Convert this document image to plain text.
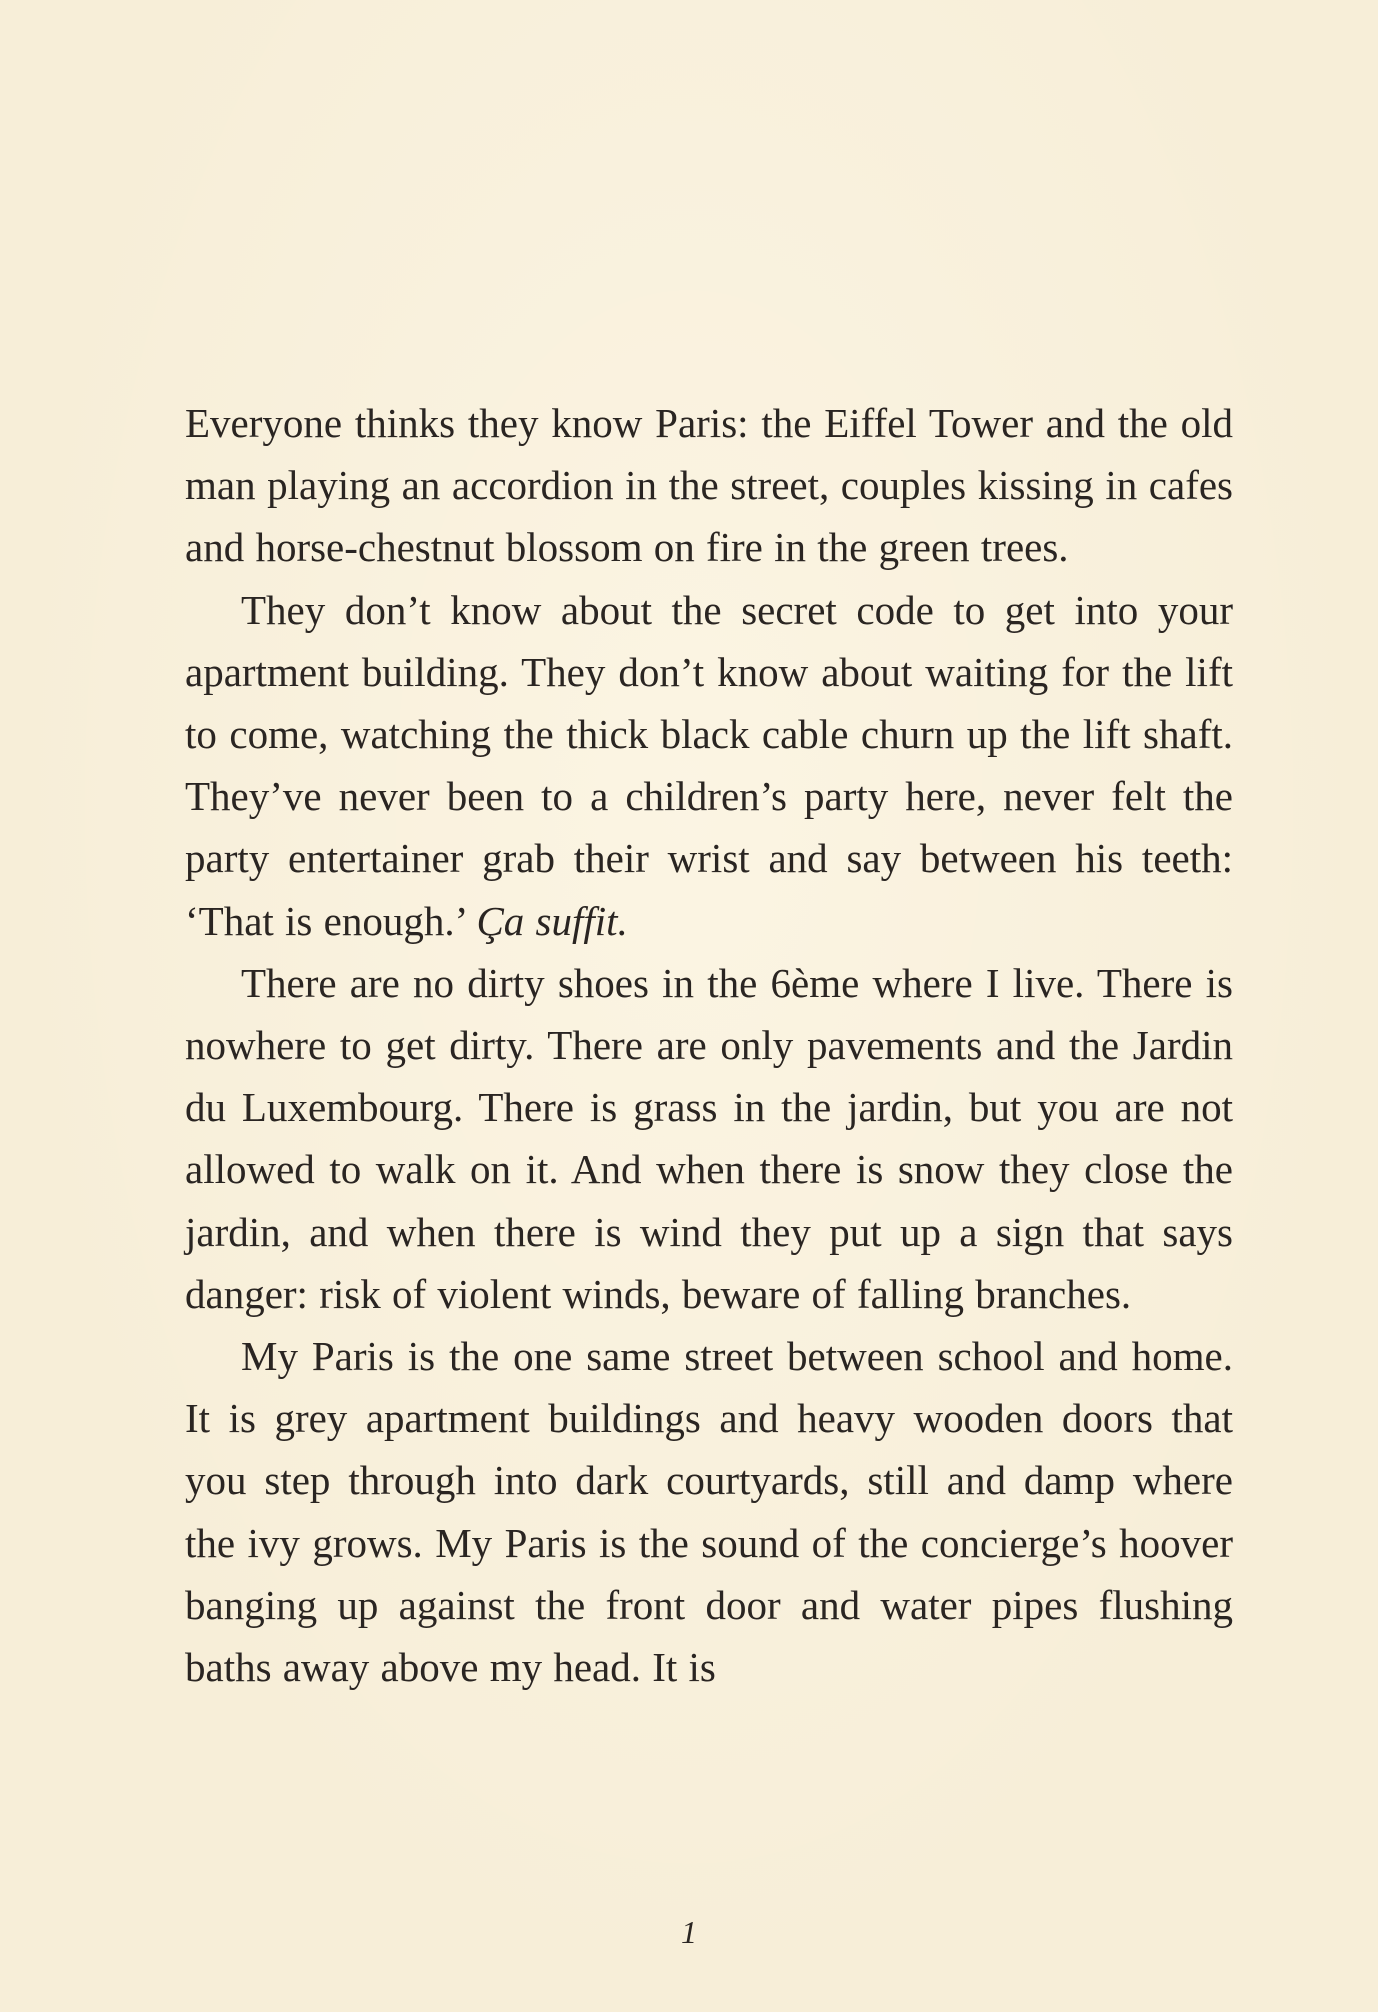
Everyone thinks they know Paris: the Eiffel Tower and the old man playing an accordion in the street, couples kissing in cafes and horse-chestnut blossom on fire in the green trees.

They don’t know about the secret code to get into your apartment building. They don’t know about waiting for the lift to come, watching the thick black cable churn up the lift shaft. They’ve never been to a children’s party here, never felt the party entertainer grab their wrist and say between his teeth: ‘That is enough.’ Ça suffit.

There are no dirty shoes in the 6ème where I live. There is nowhere to get dirty. There are only pavements and the Jardin du Luxembourg. There is grass in the jardin, but you are not allowed to walk on it. And when there is snow they close the jardin, and when there is wind they put up a sign that says danger: risk of violent winds, beware of falling branches.

My Paris is the one same street between school and home. It is grey apartment buildings and heavy wooden doors that you step through into dark courtyards, still and damp where the ivy grows. My Paris is the sound of the concierge’s hoover banging up against the front door and water pipes flushing baths away above my head. It is

1
